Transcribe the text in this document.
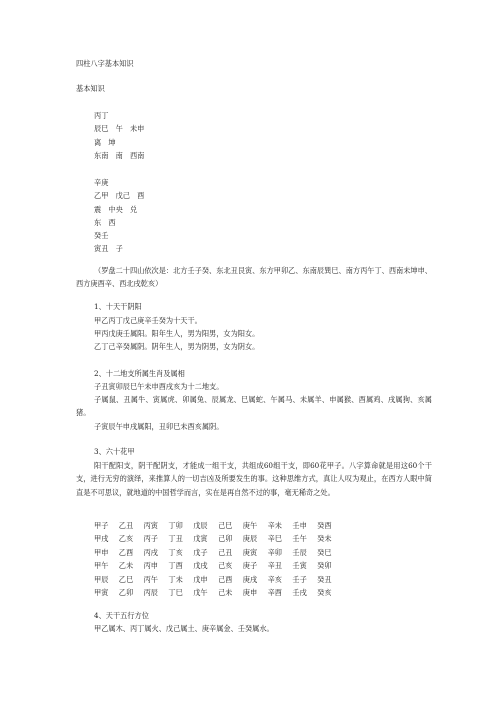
四柱八字基本知识
基本知识
丙丁
辰巳　午　未申
离　坤
东南　南　西南
辛庚
乙甲　戊己　酉
震　中央　兑
东　西
癸壬
寅丑　子
（罗盘二十四山依次是：北方壬子癸、东北丑艮寅、东方甲卯乙、东南辰巽巳、南方丙午丁、西南未坤申、西方庚酉辛、西北戌乾亥）
1、十天干阴阳
甲乙丙丁戊己庚辛壬癸为十天干。
甲丙戊庚壬属阳。阳年生人，男为阳男，女为阳女。
乙丁己辛癸属阴。阴年生人，男为阴男，女为阴女。
2、十二地支所属生肖及属相
子丑寅卯辰巳午未申酉戌亥为十二地支。
子属鼠、丑属牛、寅属虎、卯属兔、辰属龙、巳属蛇、午属马、未属羊、申属猴、酉属鸡、戌属狗、亥属猪。
子寅辰午申戌属阳，丑卯巳未酉亥属阴。
3、六十花甲
阳干配阳支，阴干配阴支，才能成一组干支，共组成60组干支，即60花甲子。八字算命就是用这60个干支，进行无穷的演绎，来推算人的一切吉凶及所要发生的事。这种思维方式，真让人叹为观止，在西方人眼中简直是不可思议，就地道的中国哲学而言，实在是再自然不过的事，毫无稀奇之处。
甲子	乙丑	丙寅	丁卯	戊辰	己巳	庚午	辛未	壬申	癸酉
甲戌	乙亥	丙子	丁丑	戊寅	己卯	庚辰	辛巳	壬午	癸未
甲申	乙酉	丙戌	丁亥	戊子	己丑	庚寅	辛卯	壬辰	癸巳
甲午	乙未	丙申	丁酉	戊戌	己亥	庚子	辛丑	壬寅	癸卯
甲辰	乙巳	丙午	丁未	戊申	己酉	庚戌	辛亥	壬子	癸丑
甲寅	乙卯	丙辰	丁巳	戊午	己未	庚申	辛酉	壬戌	癸亥
4、天干五行方位
甲乙属木、丙丁属火、戊己属土、庚辛属金、壬癸属水。
